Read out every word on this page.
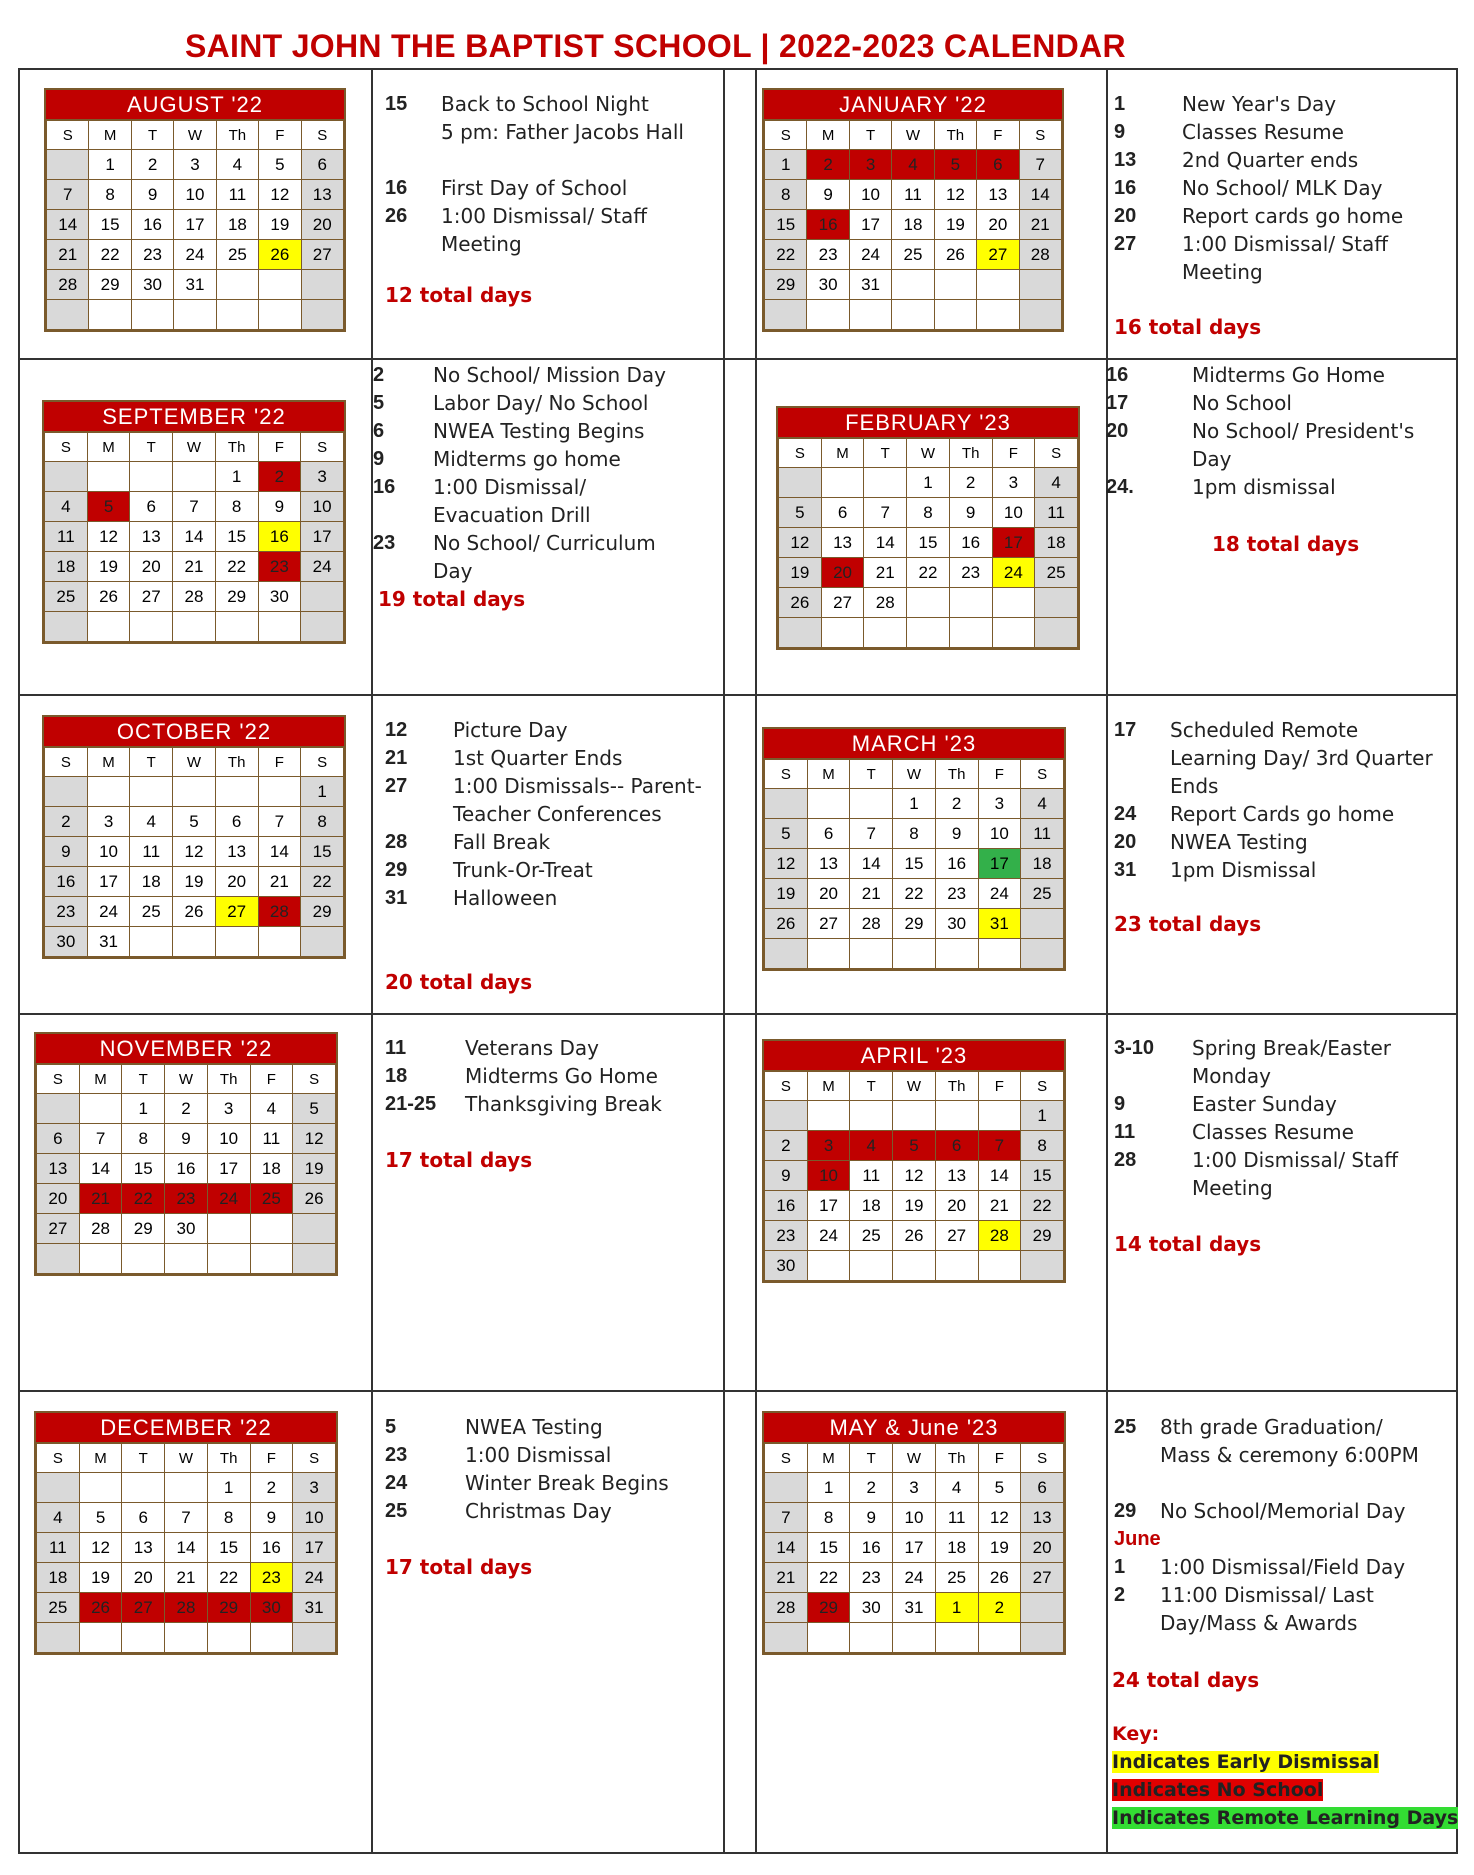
SAINT JOHN THE BAPTIST SCHOOL | 2022-2023 CALENDAR
AUGUST '22
S	M	T	W	Th	F	S
	1	2	3	4	5	6
7	8	9	10	11	12	13
14	15	16	17	18	19	20
21	22	23	24	25	26	27
28	29	30	31			

SEPTEMBER '22
S	M	T	W	Th	F	S
				1	2	3
4	5	6	7	8	9	10
11	12	13	14	15	16	17
18	19	20	21	22	23	24
25	26	27	28	29	30	

OCTOBER '22
S	M	T	W	Th	F	S
						1
2	3	4	5	6	7	8
9	10	11	12	13	14	15
16	17	18	19	20	21	22
23	24	25	26	27	28	29
30	31					
NOVEMBER '22
S	M	T	W	Th	F	S
		1	2	3	4	5
6	7	8	9	10	11	12
13	14	15	16	17	18	19
20	21	22	23	24	25	26
27	28	29	30			

DECEMBER '22
S	M	T	W	Th	F	S
				1	2	3
4	5	6	7	8	9	10
11	12	13	14	15	16	17
18	19	20	21	22	23	24
25	26	27	28	29	30	31

JANUARY '22
S	M	T	W	Th	F	S
1	2	3	4	5	6	7
8	9	10	11	12	13	14
15	16	17	18	19	20	21
22	23	24	25	26	27	28
29	30	31				

FEBRUARY '23
S	M	T	W	Th	F	S
			1	2	3	4
5	6	7	8	9	10	11
12	13	14	15	16	17	18
19	20	21	22	23	24	25
26	27	28				

MARCH '23
S	M	T	W	Th	F	S
			1	2	3	4
5	6	7	8	9	10	11
12	13	14	15	16	17	18
19	20	21	22	23	24	25
26	27	28	29	30	31	

APRIL '23
S	M	T	W	Th	F	S
						1
2	3	4	5	6	7	8
9	10	11	12	13	14	15
16	17	18	19	20	21	22
23	24	25	26	27	28	29
30						
MAY & June '23
S	M	T	W	Th	F	S
	1	2	3	4	5	6
7	8	9	10	11	12	13
14	15	16	17	18	19	20
21	22	23	24	25	26	27
28	29	30	31	1	2	

15	Back to School Night
5 pm: Father Jacobs Hall
16	First Day of School
26	1:00 Dismissal/ Staff
Meeting
2	No School/ Mission Day
5	Labor Day/ No School
6	NWEA Testing Begins
9	Midterms go home
16	1:00 Dismissal/
Evacuation Drill
23	No School/ Curriculum
Day
12	Picture Day
21	1st Quarter Ends
27	1:00 Dismissals-- Parent-
Teacher Conferences
28	Fall Break
29	Trunk-Or-Treat
31	Halloween
11	Veterans Day
18	Midterms Go Home
21-25	Thanksgiving Break
5	NWEA Testing
23	1:00 Dismissal
24	Winter Break Begins
25	Christmas Day
1	New Year's Day
9	Classes Resume
13	2nd Quarter ends
16	No School/ MLK Day
20	Report cards go home
27	1:00 Dismissal/ Staff
Meeting
16	Midterms Go Home
17	No School
20	No School/ President's
Day
24.	1pm dismissal
17	Scheduled Remote
Learning Day/ 3rd Quarter
Ends
24	Report Cards go home
20	NWEA Testing
31	1pm Dismissal
3-10	Spring Break/Easter
Monday
9	Easter Sunday
11	Classes Resume
28	1:00 Dismissal/ Staff
Meeting
25	8th grade Graduation/
Mass & ceremony 6:00PM
29	No School/Memorial Day
June
1	1:00 Dismissal/Field Day
2	11:00 Dismissal/ Last
Day/Mass & Awards
12 total days
19 total days
20 total days
17 total days
17 total days
16 total days
18 total days
23 total days
14 total days
24 total days
Key:
Indicates Early Dismissal
Indicates No School
Indicates Remote Learning Days
